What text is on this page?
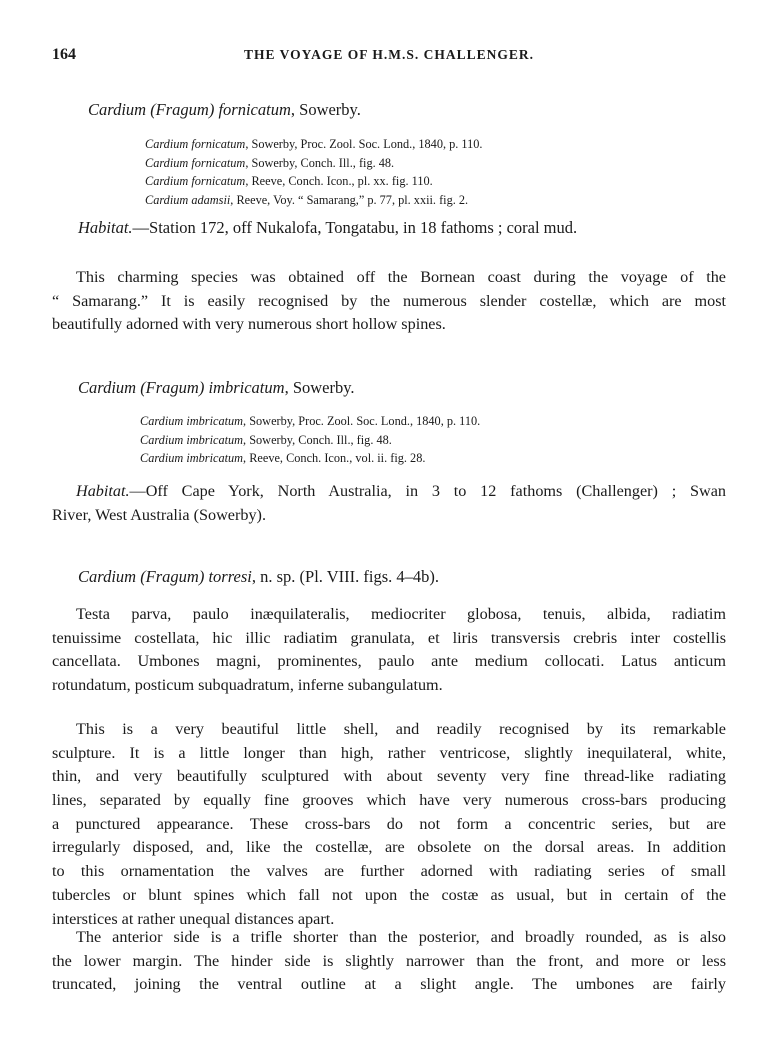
164	THE VOYAGE OF H.M.S. CHALLENGER.
Cardium (Fragum) fornicatum, Sowerby.
Cardium fornicatum, Sowerby, Proc. Zool. Soc. Lond., 1840, p. 110.
Cardium fornicatum, Sowerby, Conch. Ill., fig. 48.
Cardium fornicatum, Reeve, Conch. Icon., pl. xx. fig. 110.
Cardium adamsii, Reeve, Voy. “ Samarang,” p. 77, pl. xxii. fig. 2.
Habitat.—Station 172, off Nukalofa, Tongatabu, in 18 fathoms ; coral mud.
This charming species was obtained off the Bornean coast during the voyage of the
“ Samarang.” It is easily recognised by the numerous slender costellæ, which are most
beautifully adorned with very numerous short hollow spines.
Cardium (Fragum) imbricatum, Sowerby.
Cardium imbricatum, Sowerby, Proc. Zool. Soc. Lond., 1840, p. 110.
Cardium imbricatum, Sowerby, Conch. Ill., fig. 48.
Cardium imbricatum, Reeve, Conch. Icon., vol. ii. fig. 28.
Habitat.—Off Cape York, North Australia, in 3 to 12 fathoms (Challenger) ; Swan
River, West Australia (Sowerby).
Cardium (Fragum) torresi, n. sp. (Pl. VIII. figs. 4–4b).
Testa parva, paulo inæquilateralis, mediocriter globosa, tenuis, albida, radiatim
tenuissime costellata, hic illic radiatim granulata, et liris transversis crebris inter costellis
cancellata. Umbones magni, prominentes, paulo ante medium collocati. Latus anticum
rotundatum, posticum subquadratum, inferne subangulatum.
This is a very beautiful little shell, and readily recognised by its remarkable
sculpture. It is a little longer than high, rather ventricose, slightly inequilateral, white,
thin, and very beautifully sculptured with about seventy very fine thread-like radiating
lines, separated by equally fine grooves which have very numerous cross-bars producing
a punctured appearance. These cross-bars do not form a concentric series, but are
irregularly disposed, and, like the costellæ, are obsolete on the dorsal areas. In addition
to this ornamentation the valves are further adorned with radiating series of small
tubercles or blunt spines which fall not upon the costæ as usual, but in certain of the
interstices at rather unequal distances apart.
The anterior side is a trifle shorter than the posterior, and broadly rounded, as is also
the lower margin. The hinder side is slightly narrower than the front, and more or less
truncated, joining the ventral outline at a slight angle. The umbones are fairly
